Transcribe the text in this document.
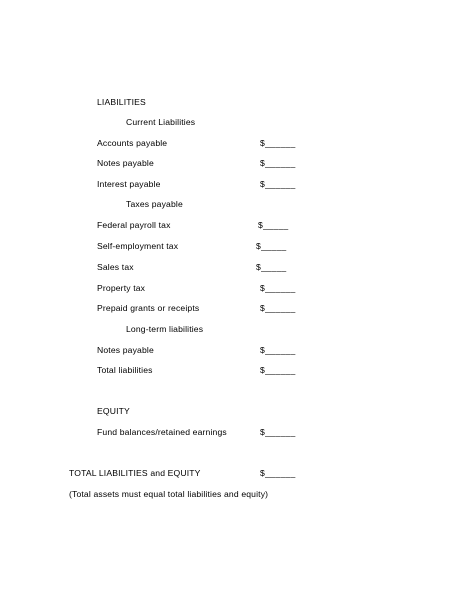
LIABILITIES
Current Liabilities
Accounts payable	$______
Notes payable	$______
Interest payable	$______
Taxes payable
Federal payroll tax	$_____
Self-employment tax	$_____
Sales tax	$_____
Property tax	$______
Prepaid grants or receipts	$______
Long-term liabilities
Notes payable	$______
Total liabilities	$______
EQUITY
Fund balances/retained earnings	$______
TOTAL LIABILITIES and EQUITY	$______
(Total assets must equal total liabilities and equity)
